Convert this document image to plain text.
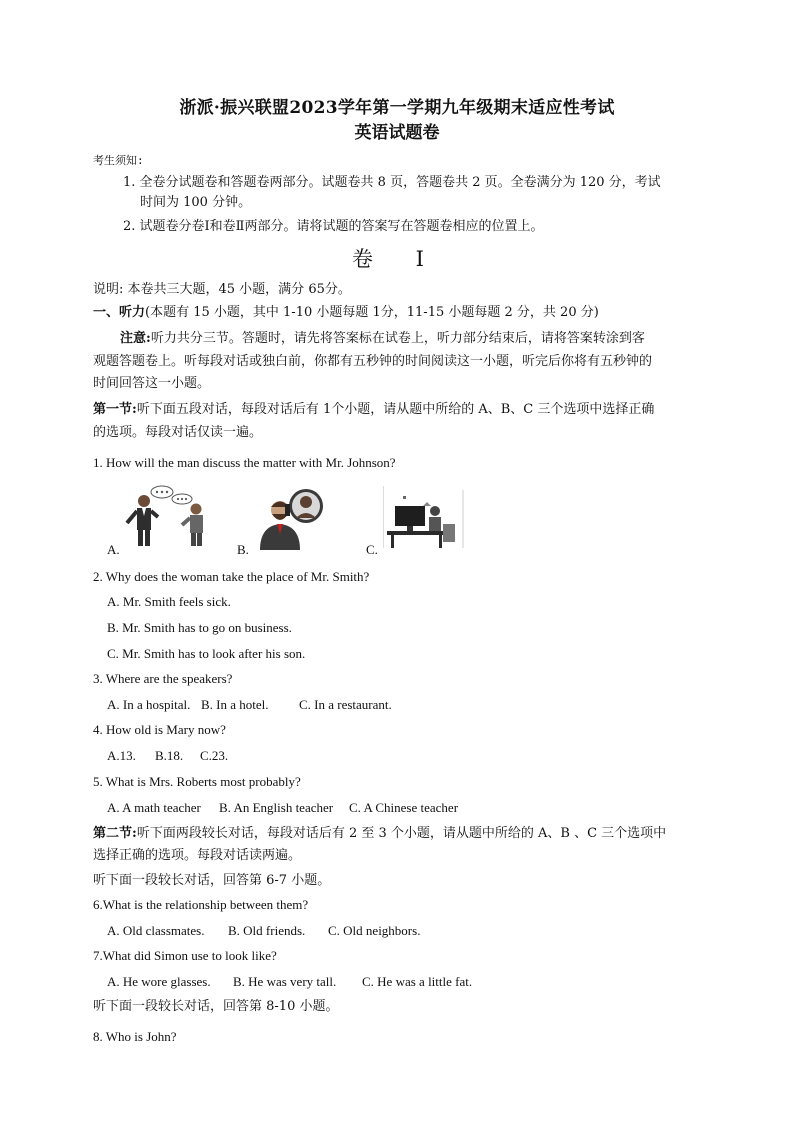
浙派·振兴联盟2023学年第一学期九年级期末适应性考试
英语试题卷
考生须知:
1. 全卷分试题卷和答题卷两部分。试题卷共 8 页，答题卷共 2 页。全卷满分为 120 分，考试
时间为 100 分钟。
2. 试题卷分卷Ⅰ和卷Ⅱ两部分。请将试题的答案写在答题卷相应的位置上。
卷 Ⅰ
说明: 本卷共三大题，45 小题，满分 65分。
一、听力(本题有 15 小题，其中 1-10 小题每题 1分，11-15 小题每题 2 分，共 20 分)
注意:听力共分三节。答题时，请先将答案标在试卷上，听力部分结束后，请将答案转涂到客
观题答题卷上。听每段对话或独白前，你都有五秒钟的时间阅读这一小题，听完后你将有五秒钟的
时间回答这一小题。
第一节:听下面五段对话，每段对话后有 1个小题，请从题中所给的 A、B、C 三个选项中选择正确
的选项。每段对话仅读一遍。
1. How will the man discuss the matter with Mr. Johnson?
A.	B.	C.
2. Why does the woman take the place of Mr. Smith?
A. Mr. Smith feels sick.
B. Mr. Smith has to go on business.
C. Mr. Smith has to look after his son.
3. Where are the speakers?
A. In a hospital. B. In a hotel. C. In a restaurant.
4. How old is Mary now?
A.13. B.18. C.23.
5. What is Mrs. Roberts most probably?
A. A math teacher B. An English teacher C. A Chinese teacher
第二节:听下面两段较长对话，每段对话后有 2 至 3 个小题，请从题中所给的 A、B 、C 三个选项中
选择正确的选项。每段对话读两遍。
听下面一段较长对话，回答第 6-7 小题。
6.What is the relationship between them?
A. Old classmates. B. Old friends. C. Old neighbors.
7.What did Simon use to look like?
A. He wore glasses. B. He was very tall. C. He was a little fat.
听下面一段较长对话，回答第 8-10 小题。
8. Who is John?
